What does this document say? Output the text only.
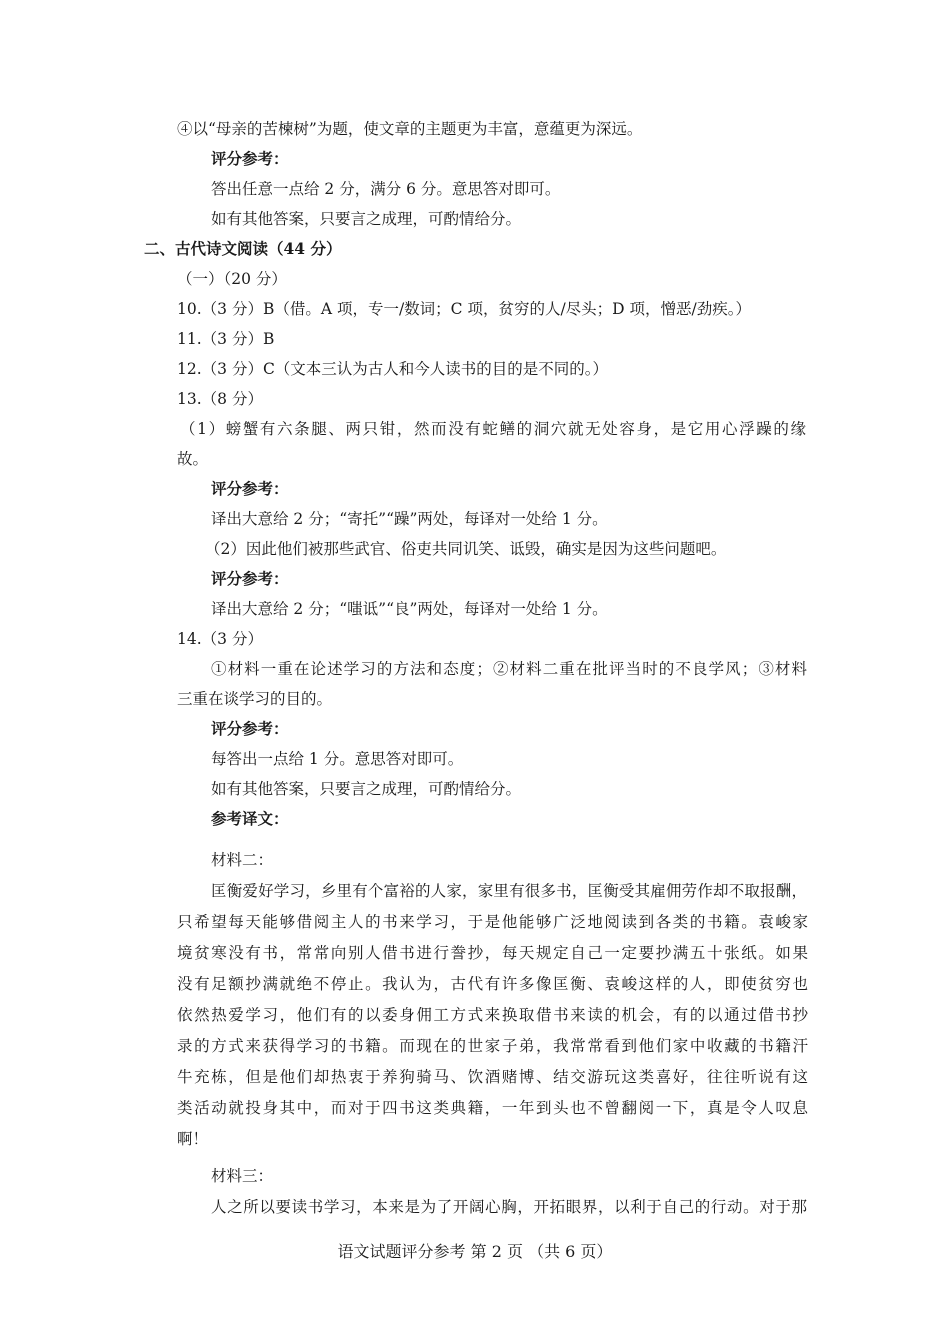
④以“母亲的苦楝树”为题，使文章的主题更为丰富，意蕴更为深远。
评分参考：
答出任意一点给 2 分，满分 6 分。意思答对即可。
如有其他答案，只要言之成理，可酌情给分。
二、古代诗文阅读（44 分）
（一）（20 分）
10.（3 分）B（借。A 项，专一/数词；C 项，贫穷的人/尽头；D 项，憎恶/劲疾。）
11.（3 分）B
12.（3 分）C（文本三认为古人和今人读书的目的是不同的。）
13.（8 分）
（1）螃蟹有六条腿、两只钳，然而没有蛇鳝的洞穴就无处容身，是它用心浮躁的缘
故。
评分参考：
译出大意给 2 分；“寄托”“躁”两处，每译对一处给 1 分。
（2）因此他们被那些武官、俗吏共同讥笑、诋毁，确实是因为这些问题吧。
评分参考：
译出大意给 2 分；“嗤诋”“良”两处，每译对一处给 1 分。
14.（3 分）
①材料一重在论述学习的方法和态度；②材料二重在批评当时的不良学风；③材料
三重在谈学习的目的。
评分参考：
每答出一点给 1 分。意思答对即可。
如有其他答案，只要言之成理，可酌情给分。
参考译文：
材料二：
匡衡爱好学习，乡里有个富裕的人家，家里有很多书，匡衡受其雇佣劳作却不取报酬，
只希望每天能够借阅主人的书来学习，于是他能够广泛地阅读到各类的书籍。袁峻家
境贫寒没有书，常常向别人借书进行誊抄，每天规定自己一定要抄满五十张纸。如果
没有足额抄满就绝不停止。我认为，古代有许多像匡衡、袁峻这样的人，即使贫穷也
依然热爱学习，他们有的以委身佣工方式来换取借书来读的机会，有的以通过借书抄
录的方式来获得学习的书籍。而现在的世家子弟，我常常看到他们家中收藏的书籍汗
牛充栋，但是他们却热衷于养狗骑马、饮酒赌博、结交游玩这类喜好，往往听说有这
类活动就投身其中，而对于四书这类典籍，一年到头也不曾翻阅一下，真是令人叹息
啊！
材料三：
人之所以要读书学习，本来是为了开阔心胸，开拓眼界，以利于自己的行动。对于那
语文试题评分参考 第 2 页 （共 6 页）
